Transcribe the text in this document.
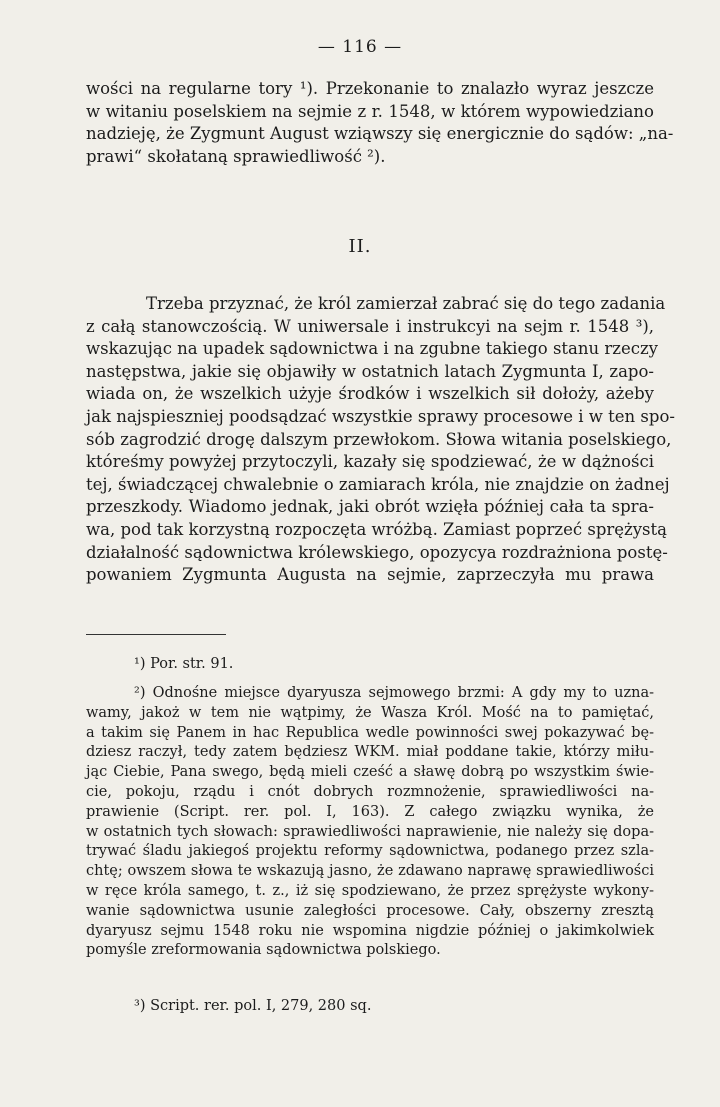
— 116 —
wości na regularne tory ¹). Przekonanie to znalazło wyraz jeszcze
w witaniu poselskiem na sejmie z r. 1548, w którem wypowiedziano
nadzieję, że Zygmunt August wziąwszy się energicznie do sądów: „na-
prawi“ skołataną sprawiedliwość ²).
II.
Trzeba przyznać, że król zamierzał zabrać się do tego zadania
z całą stanowczością. W uniwersale i instrukcyi na sejm r. 1548 ³),
wskazując na upadek sądownictwa i na zgubne takiego stanu rzeczy
następstwa, jakie się objawiły w ostatnich latach Zygmunta I, zapo-
wiada on, że wszelkich użyje środków i wszelkich sił dołoży, ażeby
jak najspieszniej poodsądzać wszystkie sprawy procesowe i w ten spo-
sób zagrodzić drogę dalszym przewłokom. Słowa witania poselskiego,
któreśmy powyżej przytoczyli, kazały się spodziewać, że w dążności
tej, świadczącej chwalebnie o zamiarach króla, nie znajdzie on żadnej
przeszkody. Wiadomo jednak, jaki obrót wzięła później cała ta spra-
wa, pod tak korzystną rozpoczęta wróżbą. Zamiast poprzeć sprężystą
działalność sądownictwa królewskiego, opozycya rozdrażniona postę-
powaniem Zygmunta Augusta na sejmie, zaprzeczyła mu prawa
¹) Por. str. 91.
²) Odnośne miejsce dyaryusza sejmowego brzmi: A gdy my to uzna-
wamy, jakoż w tem nie wątpimy, że Wasza Król. Mość na to pamiętać,
a takim się Panem in hac Republica wedle powinności swej pokazywać bę-
dziesz raczył, tedy zatem będziesz WKM. miał poddane takie, którzy miłu-
jąc Ciebie, Pana swego, będą mieli cześć a sławę dobrą po wszystkim świe-
cie, pokoju, rządu i cnót dobrych rozmnożenie, sprawiedliwości na-
prawienie (Script. rer. pol. I, 163). Z całego związku wynika, że
w ostatnich tych słowach: sprawiedliwości naprawienie, nie należy się dopa-
trywać śladu jakiegoś projektu reformy sądownictwa, podanego przez szla-
chtę; owszem słowa te wskazują jasno, że zdawano naprawę sprawiedliwości
w ręce króla samego, t. z., iż się spodziewano, że przez sprężyste wykony-
wanie sądownictwa usunie zaległości procesowe. Cały, obszerny zresztą
dyaryusz sejmu 1548 roku nie wspomina nigdzie później o jakimkolwiek
pomyśle zreformowania sądownictwa polskiego.
³) Script. rer. pol. I, 279, 280 sq.
